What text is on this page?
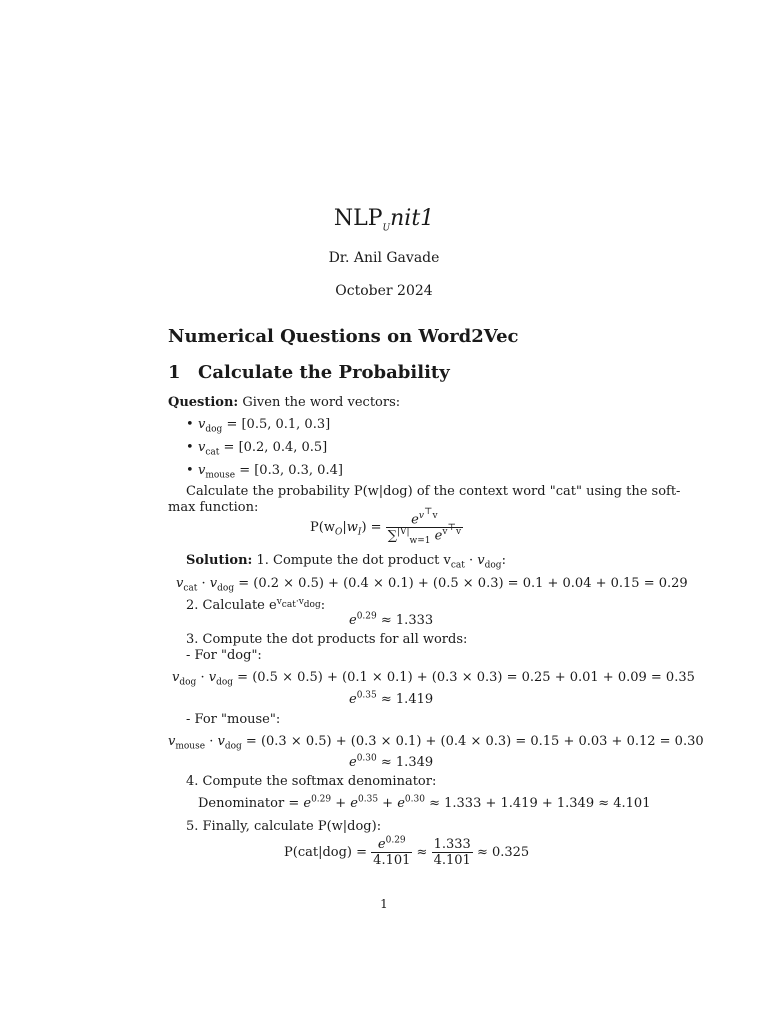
$NLP_Unit1$
Dr. Anil Gavade
October 2024
Numerical Questions on Word2Vec
1 Calculate the Probability
Question: Given the word vectors:
• $v_{dog} = [0.5$, 0.1, 0.3]
• $v_{cat} = [0.2$, 0.4, 0.5]
• $v_{mouse} = [0.3$, 0.3, 0.4]
Calculate the probability P(w|dog) of the context word "cat" using the soft-
max function:
$P(w_O|w_I) = \frac{e^{v^⊤v}}{\sum^{|V|}_{w=1} e^{v^⊤v}}$
Solution: 1. Compute the dot product $v_{cat} \cdot v_{dog}$:
$v_{cat} \cdot v_{dog} = (0.2 \times 0.5) + (0.4 \times 0.1) + (0.5 \times 0.3) = 0.1 + 0.04 + 0.15 = 0.29$
2. Calculate $e^{v_{cat}\cdot v_{dog}}$:
$e^{0.29} \approx 1.333$
3. Compute the dot products for all words:
- For "dog":
$v_{dog} \cdot v_{dog} = (0.5 \times 0.5) + (0.1 \times 0.1) + (0.3 \times 0.3) = 0.25 + 0.01 + 0.09 = 0.35$
$e^{0.35} \approx 1.419$
- For "mouse":
$v_{mouse} \cdot v_{dog} = (0.3 \times 0.5) + (0.3 \times 0.1) + (0.4 \times 0.3) = 0.15 + 0.03 + 0.12 = 0.30$
$e^{0.30} \approx 1.349$
4. Compute the softmax denominator:
Denominator = $e^{0.29} + e^{0.35} + e^{0.30} \approx 1.333 + 1.419 + 1.349 \approx 4.101$
5. Finally, calculate P(w|dog):
$P(cat|dog) = \frac{e^{0.29}}{4.101} \approx \frac{1.333}{4.101} \approx 0.325$
1
